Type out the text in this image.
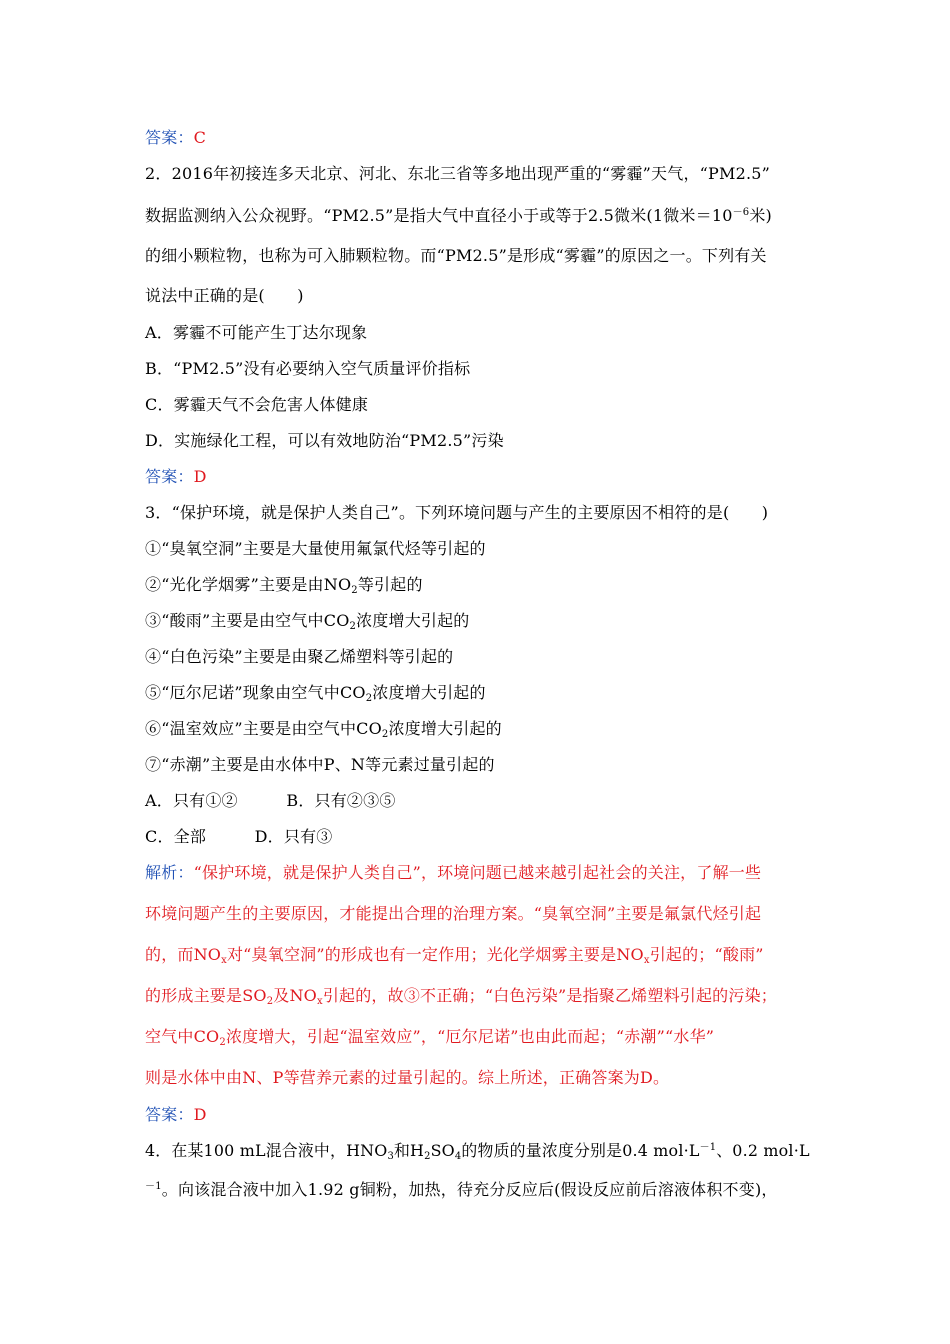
答案：C
2．2016年初接连多天北京、河北、东北三省等多地出现严重的“雾霾”天气，“PM2.5”
数据监测纳入公众视野。“PM2.5”是指大气中直径小于或等于2.5微米(1微米$=10^{-6}$米)
的细小颗粒物，也称为可入肺颗粒物。而“PM2.5”是形成“雾霾”的原因之一。下列有关
说法中正确的是(　　)
A．雾霾不可能产生丁达尔现象
B．“PM2.5”没有必要纳入空气质量评价指标
C．雾霾天气不会危害人体健康
D．实施绿化工程，可以有效地防治“PM2.5”污染
答案：D
3．“保护环境，就是保护人类自己”。下列环境问题与产生的主要原因不相符的是(　　)
①“臭氧空洞”主要是大量使用氟氯代烃等引起的
②“光化学烟雾”主要是由$NO_2$等引起的
③“酸雨”主要是由空气中$CO_2$浓度增大引起的
④“白色污染”主要是由聚乙烯塑料等引起的
⑤“厄尔尼诺”现象由空气中$CO_2$浓度增大引起的
⑥“温室效应”主要是由空气中$CO_2$浓度增大引起的
⑦“赤潮”主要是由水体中P、N等元素过量引起的
A．只有①②　　　B．只有②③⑤
C．全部　　　D．只有③
解析：“保护环境，就是保护人类自己”，环境问题已越来越引起社会的关注，了解一些
环境问题产生的主要原因，才能提出合理的治理方案。“臭氧空洞”主要是氟氯代烃引起
的，而$NO_x$对“臭氧空洞”的形成也有一定作用；光化学烟雾主要是$NO_x$引起的；“酸雨”
的形成主要是$SO_2$及$NO_x$引起的，故③不正确；“白色污染”是指聚乙烯塑料引起的污染；
空气中$CO_2$浓度增大，引起“温室效应”，“厄尔尼诺”也由此而起；“赤潮”“水华”
则是水体中由N、P等营养元素的过量引起的。综上所述，正确答案为D。
答案：D
4．在某100 mL混合液中，$HNO_3$和$H_2SO_4$的物质的量浓度分别是0.4 $mol\cdot L^{-1}$、0.2 mol·L
$^{-1}$。向该混合液中加入1.92 g铜粉，加热，待充分反应后(假设反应前后溶液体积不变)，
